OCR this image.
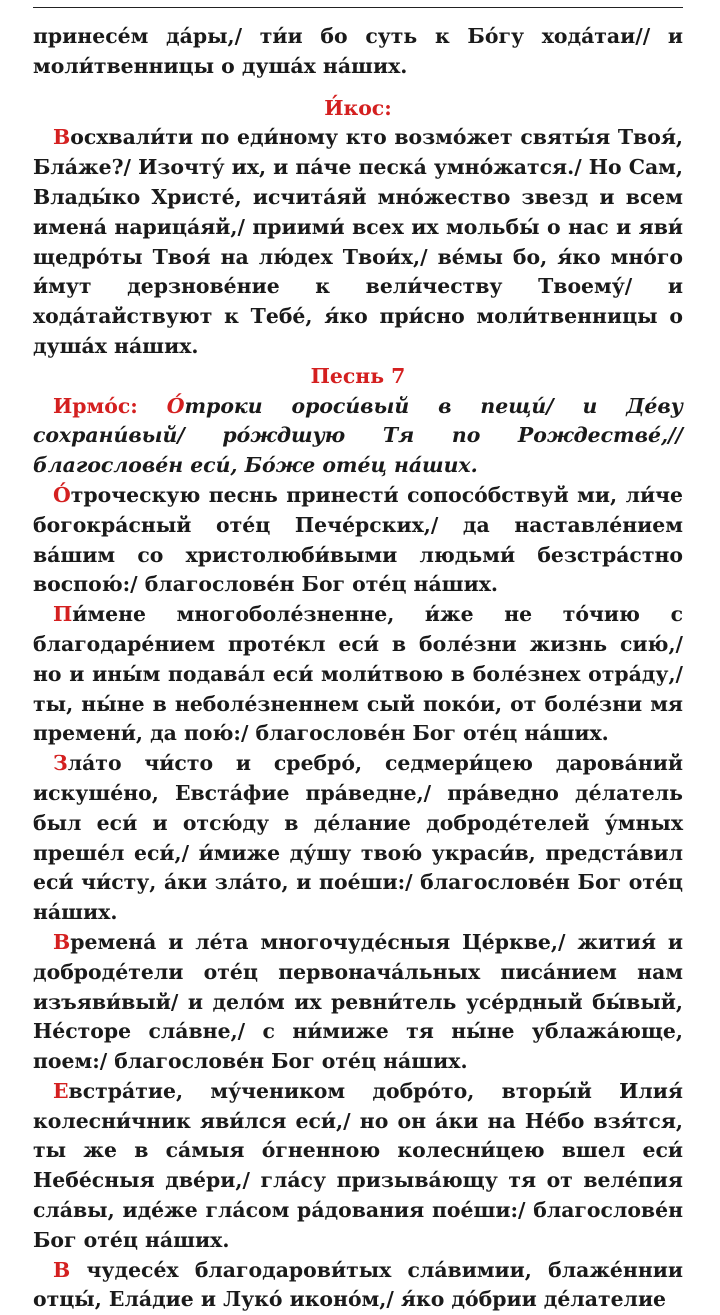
принесе́м да́ры,/ ти́и бо суть к Бо́гу хода́таи// и моли́твенницы о душа́х на́ших.

И́кос:

Восхвали́ти по еди́ному кто возмо́жет святы́я Твоя́, Бла́же?/ Изочту́ их, и па́че песка́ умно́жатся./ Но Сам, Влады́ко Христе́, исчита́яй мно́жество звезд и всем имена́ нарица́яй,/ приими́ всех их мольбы́ о нас и яви́ щедро́ты Твоя́ на лю́дех Твои́х,/ ве́мы бо, я́ко мно́го и́мут дерзнове́ние к вели́честву Твоему́/ и хода́тайствуют к Тебе́, я́ко при́сно моли́твенницы о душа́х на́ших.

Песнь 7

Ирмо́с: О́троки ороси́вый в пещи́/ и Де́ву сохрани́вый/ ро́ждшую Тя по Рождестве́,// благослове́н еси́, Бо́же оте́ц на́ших.

О́троческую песнь принести́ сопосо́бствуй ми, ли́че богокра́сный оте́ц Пече́рских,/ да наставле́нием ва́шим со христолюби́выми людьми́ безстра́стно воспою́:/ благослове́н Бог оте́ц на́ших.

Пи́мене многоболе́зненне, и́же не то́чию с благодаре́нием проте́кл еси́ в боле́зни жизнь сию́,/ но и ины́м подава́л еси́ моли́твою в боле́знех отра́ду,/ ты, ны́не в неболе́зненнем сый поко́и, от боле́зни мя премени́, да пою́:/ благослове́н Бог оте́ц на́ших.

Зла́то чи́сто и сребро́, седмери́цею дарова́ний искуше́но, Евста́фие пра́ведне,/ пра́ведно де́латель был еси́ и отсю́ду в де́лание доброде́телей у́мных преше́л еси́,/ и́миже ду́шу твою́ украси́в, предста́вил еси́ чи́сту, а́ки зла́то, и пое́ши:/ благослове́н Бог оте́ц на́ших.

Времена́ и ле́та многочуде́сныя Це́ркве,/ жития́ и доброде́тели оте́ц первонача́льных писа́нием нам изъяви́вый/ и дело́м их ревни́тель усе́рдный бы́вый, Не́сторе сла́вне,/ с ни́миже тя ны́не ублажа́юще, поем:/ благослове́н Бог оте́ц на́ших.

Евстра́тие, му́чеником добро́то, вторы́й Илия́ колесни́чник яви́лся еси́,/ но он а́ки на Не́бо взя́тся, ты же в са́мыя о́гненною колесни́цею вшел еси́ Небе́сныя две́ри,/ гла́су призыва́ющу тя от веле́пия сла́вы, иде́же гла́сом ра́дования пое́ши:/ благослове́н Бог оте́ц на́ших.

В чудесе́х благодарови́тых сла́вимии, блаже́ннии отцы́, Ела́дие и Луко́ иконо́м,/ я́ко до́брии де́лателие
